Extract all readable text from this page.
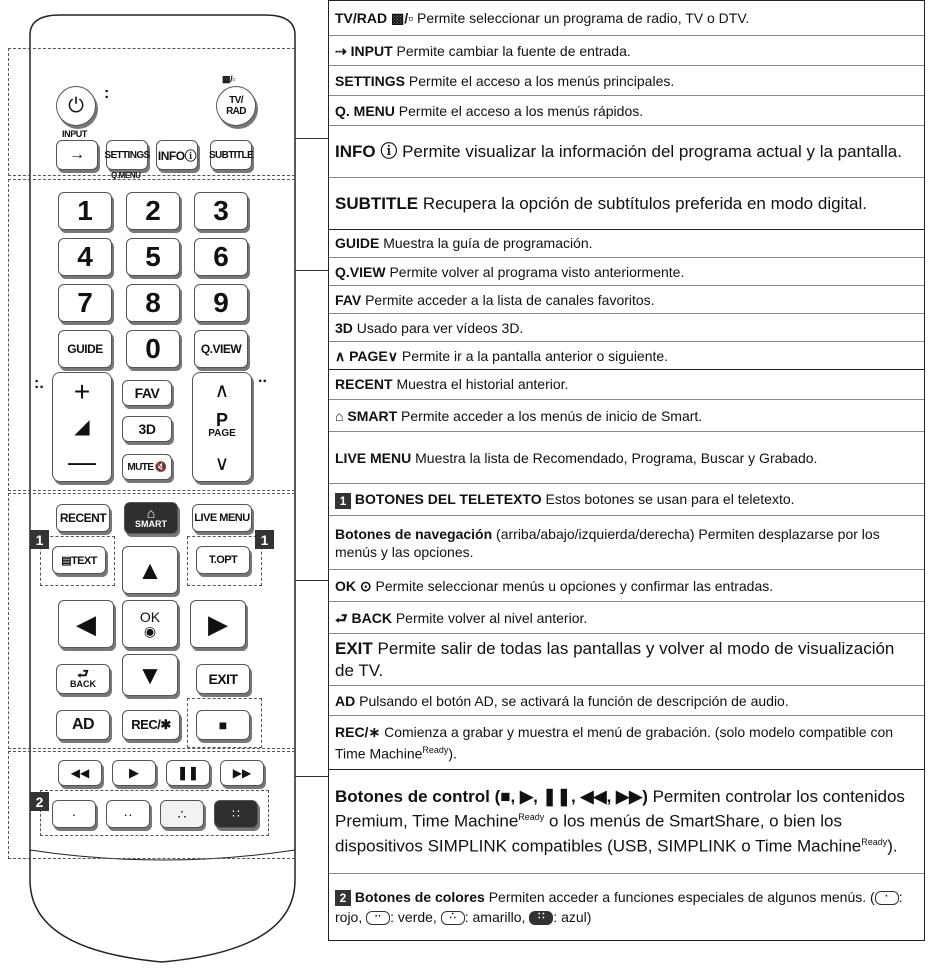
⏻
:	TV/
RAD
▩/▫
INPUT
→	SETTINGS
Q.MENU
INFOⓘ SUBTITLE
1	2	3
4	5	6
7	8	9
GUIDE	0	Q.VIEW
:. +
◢
—
FAV
3D
MUTE  🔇
..
∧
P
PAGE
∨
RECENT	⌂
SMART LIVE MENU
1	1
▤TEXT	T.OPT
▲
◀	OK
◉	▶
▼
⮐
BACK	EXIT
AD	REC/✱	■
◀◀	▶	❚❚	▶▶
2
·	··	∴	∷
TV/RAD ▩/▫ Permite seleccionar un programa de radio, TV o DTV.
⇢ INPUT Permite cambiar la fuente de entrada.
SETTINGS Permite el acceso a los menús principales.
Q. MENU Permite el acceso a los menús rápidos.
INFO ⓘ Permite visualizar la información del programa actual y la pantalla.
SUBTITLE Recupera la opción de subtítulos preferida en modo digital.
GUIDE Muestra la guía de programación.
Q.VIEW Permite volver al programa visto anteriormente.
FAV Permite acceder a la lista de canales favoritos.
3D Usado para ver vídeos 3D.
∧ PAGE∨ Permite ir a la pantalla anterior o siguiente.
RECENT Muestra el historial anterior.
⌂ SMART Permite acceder a los menús de inicio de Smart.
LIVE MENU Muestra la lista de Recomendado, Programa, Buscar y Grabado.
1 BOTONES DEL TELETEXTO Estos botones se usan para el teletexto.
Botones de navegación (arriba/abajo/izquierda/derecha) Permiten desplazarse por los menús y las opciones.
OK ⊙ Permite seleccionar menús u opciones y confirmar las entradas.
⮐ BACK Permite volver al nivel anterior.
EXIT Permite salir de todas las pantallas y volver al modo de visualización de TV.
AD Pulsando el botón AD, se activará la función de descripción de audio.
REC/∗ Comienza a grabar y muestra el menú de grabación. (solo modelo compatible con Time Machine$^{Ready}$).
Botones de control (■, ▶, ❚❚, ◀◀, ▶▶) Permiten controlar los contenidos Premium, Time Machine$^{Ready}$ o los menús de SmartShare, o bien los dispositivos SIMPLINK compatibles (USB, SIMPLINK o Time Machine$^{Ready}$).
2 Botones de colores Permiten acceder a funciones especiales de algunos menús. ( · : rojo, ·· : verde, ∴ : amarillo, ∷ : azul)
